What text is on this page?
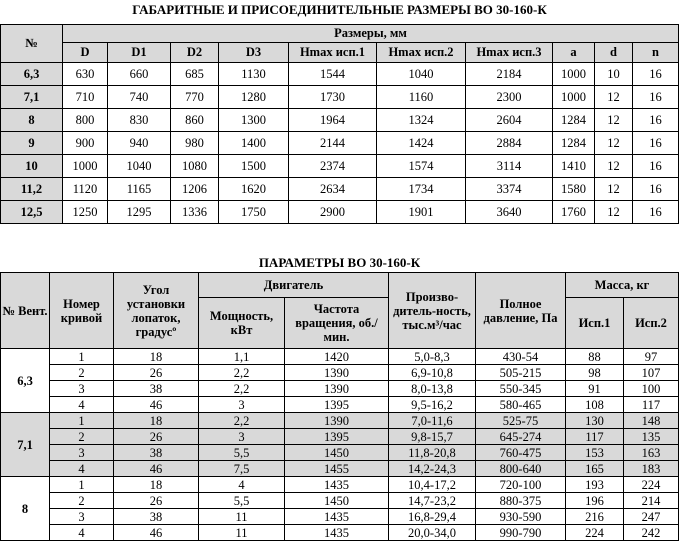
ГАБАРИТНЫЕ И ПРИСОЕДИНИТЕЛЬНЫЕ РАЗМЕРЫ ВО 30-160-К
№	Размеры, мм									
	D	D1	D2	D3	Hmax исп.1	Hmax исп.2	Hmax исп.3	a	d	n
6,3	630	660	685	1130	1544	1040	2184	1000	10	16
7,1	710	740	770	1280	1730	1160	2300	1000	12	16
8	800	830	860	1300	1964	1324	2604	1284	12	16
9	900	940	980	1400	2144	1424	2884	1284	12	16
10	1000	1040	1080	1500	2374	1574	3114	1410	12	16
11,2	1120	1165	1206	1620	2634	1734	3374	1580	12	16
12,5	1250	1295	1336	1750	2900	1901	3640	1760	12	16
ПАРАМЕТРЫ ВО 30-160-К
№ Вент.	Номер кривой	Угол установки лопаток, градусº	Двигатель		Произво-дитель-ность, тыс.м³/час	Полное давление, Па	Масса, кг	
			Мощность, кВт	Частота вращения, об./мин.			Исп.1	Исп.2
6,3	1	18	1,1	1420	5,0-8,3	430-54	88	97
	2	26	2,2	1390	6,9-10,8	505-215	98	107
	3	38	2,2	1390	8,0-13,8	550-345	91	100
	4	46	3	1395	9,5-16,2	580-465	108	117
7,1	1	18	2,2	1390	7,0-11,6	525-75	130	148
	2	26	3	1395	9,8-15,7	645-274	117	135
	3	38	5,5	1450	11,8-20,8	760-475	153	163
	4	46	7,5	1455	14,2-24,3	800-640	165	183
8	1	18	4	1435	10,4-17,2	720-100	193	224
	2	26	5,5	1450	14,7-23,2	880-375	196	214
	3	38	11	1435	16,8-29,4	930-590	216	247
	4	46	11	1435	20,0-34,0	990-790	224	242
